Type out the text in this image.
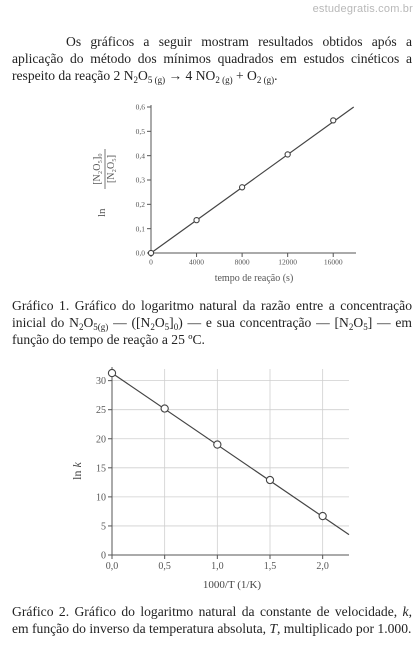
estudegratis.com.br
Os gráficos a seguir mostram resultados obtidos após a aplicação do método dos mínimos quadrados em estudos cinéticos a respeito da reação 2 $N_2O_{5 (g)} \to 4$ $NO_{2 (g)} + O_{2 (g)}$.
ln
[N₂O₅]₀ [N₂O₅]
0	4000	8000	12000	16000
0,0
0,1
0,2
0,3
0,4
0,5
0,6
tempo de reação (s)
Gráfico 1. Gráfico do logaritmo natural da razão entre a concentração inicial do $N_2O_{5(g)}$ — $([N_2O_5]_0)$ — e sua concentração — $[N_2O_5]$ — em função do tempo de reação a 25 ºC.
ln k
0,0	0,5	1,0	1,5	2,0
0
5
10
15
20
25
30
1000/T (1/K)
Gráfico 2. Gráfico do logaritmo natural da constante de velocidade, k, em função do inverso da temperatura absoluta, T, multiplicado por 1.000.
